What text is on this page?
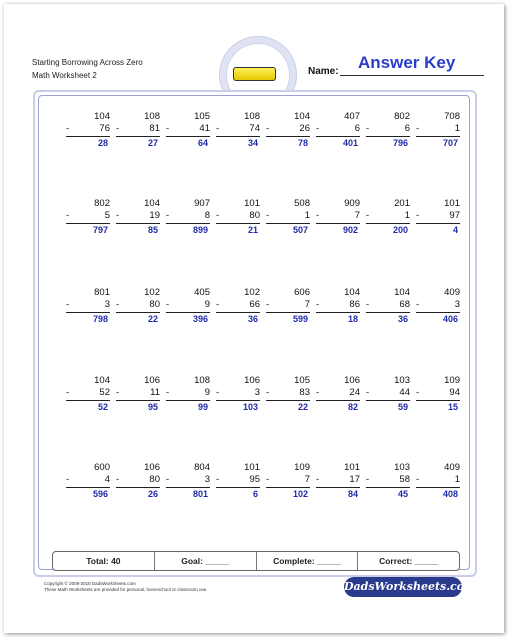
Starting Borrowing Across Zero
Math Worksheet 2	Name: Answer Key
104
-	76
28
108
-	81
27
105
-	41
64
108
-	74
34
104
-	26
78
407
-	6
401
802
-	6
796
708
-	1
707
802
-	5
797
104
-	19
85
907
-	8
899
101
-	80
21
508
-	1
507
909
-	7
902
201
-	1
200
101
-	97
4
801
-	3
798
102
-	80
22
405
-	9
396
102
-	66
36
606
-	7
599
104
-	86
18
104
-	68
36
409
-	3
406
104
-	52
52
106
-	11
95
108
-	9
99
106
-	3
103
105
-	83
22
106
-	24
82
103
-	44
59
109
-	94
15
600
-	4
596
106
-	80
26
804
-	3
801
101
-	95
6
109
-	7
102
101
-	17
84
103
-	58
45
409
-	1
408
Total: 40	Goal: _____	Complete: _____	Correct: _____
Copyright © 2008-2018 DadsWorksheets.com
These Math Worksheets are provided for personal, homeschool or classroom use.	DadsWorksheets.com
